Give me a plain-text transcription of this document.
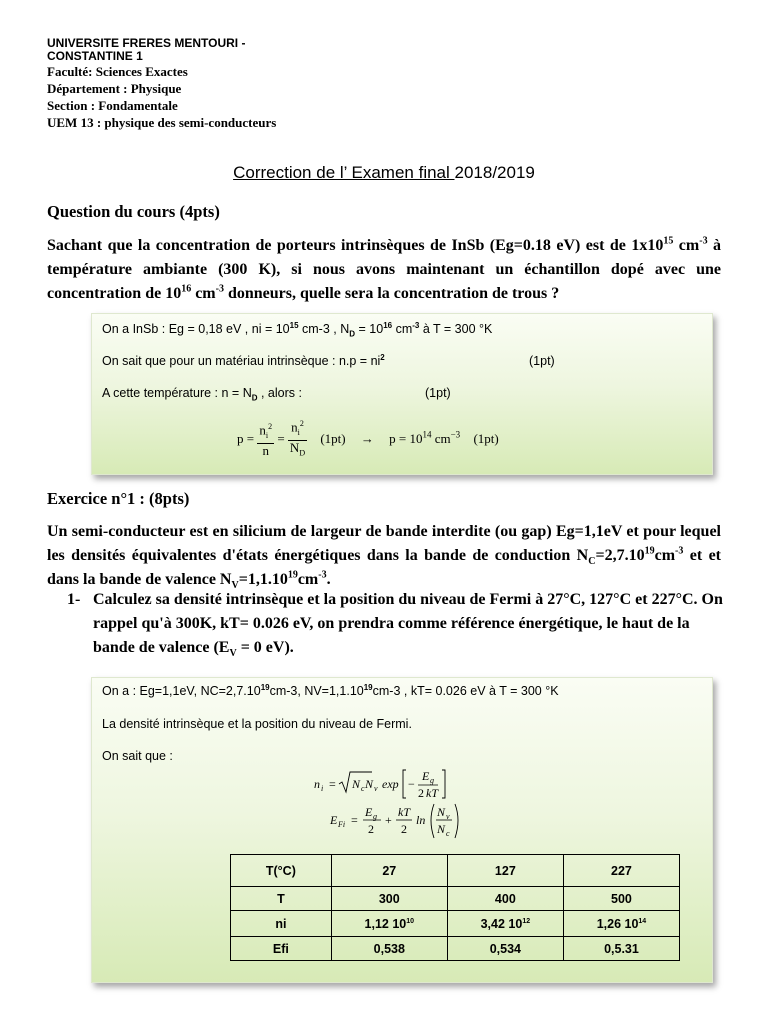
UNIVERSITE FRERES MENTOURI -
CONSTANTINE 1
Faculté: Sciences Exactes
Département : Physique
Section : Fondamentale
UEM 13 : physique des semi-conducteurs
Correction de l’ Examen final 2018/2019
Question du cours (4pts)
Sachant que la concentration de porteurs intrinsèques de InSb (Eg=0.18 eV) est de $1x10^{15}$ $cm^{-3}$ à température ambiante (300 K), si nous avons maintenant un échantillon dopé avec une concentration de $10^{16}$ $cm^{-3}$ donneurs, quelle sera la concentration de trous ?
On a InSb : Eg = 0,18 eV , ni = $10^{15}$ cm-3 , $N_D = 10^{16}$ $cm^{-3}$ à T = 300 °K
On sait que pour un matériau intrinsèque : $n.p = ni^2$	(1pt)
A cette température : $n = N_D$ , alors :	(1pt)
$p = \frac{n_i^2}{n} = \frac{n_i^2}{N_D} (1pt) \to p = 10^{14}$ $cm^{-3}$ (1pt)
Exercice n°1 : (8pts)
Un semi-conducteur est en silicium de largeur de bande interdite (ou gap) Eg=1,1eV et pour lequel les densités équivalentes d'états énergétiques dans la bande de conduction $N_C=2,7.10^{19}cm^{-3}$ et et dans la bande de valence $N_V=1,1.10^{19}cm^{-3}$.
1- Calculez sa densité intrinsèque et la position du niveau de Fermi à 27°C, 127°C et 227°C. On rappel qu'à 300K, kT= 0.026 eV, on prendra comme référence énergétique, le haut de la bande de valence ($E_V = 0$ eV).
On a : Eg=1,1eV, $NC=2,7.10^{19}cm-3$, $NV=1,1.10^{19}cm-3$ , kT= 0.026 eV à T = 300 °K
La densité intrinsèque et la position du niveau de Fermi.
On sait que :
n i = N c N v exp −
E g
2 kT
E Fi =
E g
2
+
kT
2
ln
N v
N c
T(°C)	27	127	227
T	300	400	500
ni	1,12 $10^{10}$	3,42 $10^{12}$	1,26 $10^{14}$
Efi	0,538	0,534	0,5.31
